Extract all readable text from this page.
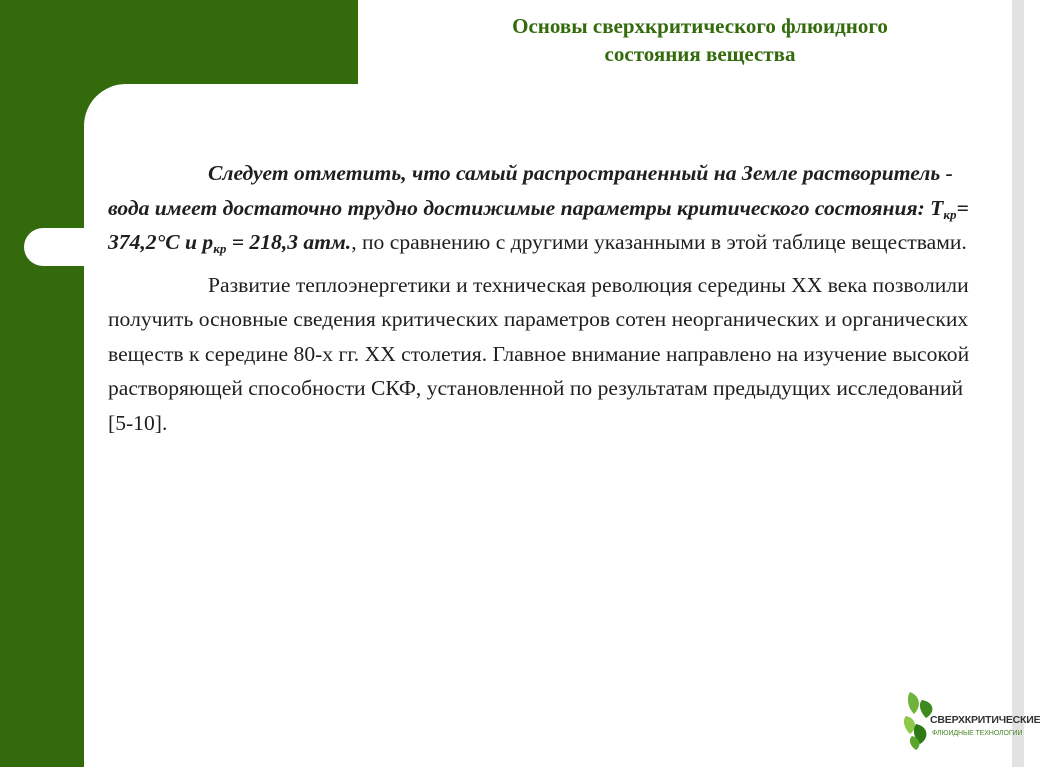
Основы сверхкритического флюидного
состояния вещества

Следует отметить, что самый распространенный на Земле растворитель - вода имеет достаточно трудно достижимые параметры критического состояния: $Т_{кр}= 374,2^\circ С$ и $р_{кр} = 218,3$ атм., по сравнению с другими указанными в этой таблице веществами.

Развитие теплоэнергетики и техническая революция середины XX века позволили получить основные сведения критических параметров сотен неорганических и органических веществ к середине 80-х гг. XX столетия. Главное внимание направлено на изучение высокой растворяющей способности СКФ, установленной по результатам предыдущих исследований [5-10].

СВЕРХКРИТИЧЕСКИЕ
ФЛЮИДНЫЕ ТЕХНОЛОГИИ
